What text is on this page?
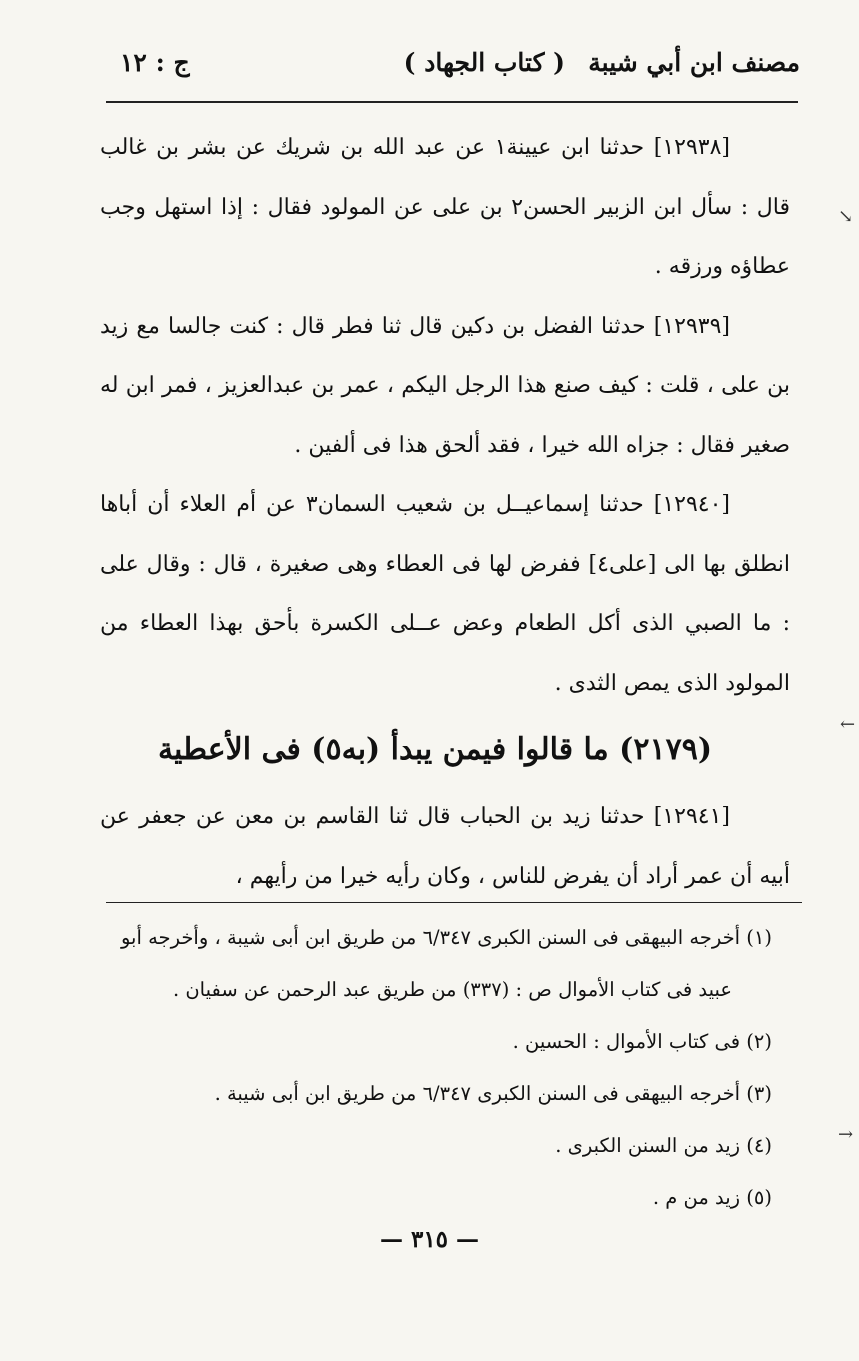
مصنف ابن أبي شيبة
( كتاب الجهاد )
ج : ١٢

[١٢٩٣٨] حدثنا ابن عيينة١ عن عبد الله بن شريك عن بشر بن غالب قال : سأل ابن الزبير الحسن٢ بن على عن المولود فقال : إذا استهل وجب عطاؤه ورزقه .

[١٢٩٣٩] حدثنا الفضل بن دكين قال ثنا فطر قال : كنت جالسا مع زيد بن على ، قلت : كيف صنع هذا الرجل اليكم ، عمر بن عبدالعزيز ، فمر ابن له صغير فقال : جزاه الله خيرا ، فقد ألحق هذا فى ألفين .

[١٢٩٤٠] حدثنا إسماعيــل بن شعيب السمان٣ عن أم العلاء أن أباها انطلق بها الى [على٤] ففرض لها فى العطاء وهى صغيرة ، قال : وقال على : ما الصبي الذى أكل الطعام وعض عــلى الكسرة بأحق بهذا العطاء من المولود الذى يمص الثدى .

(٢١٧٩) ما قالوا فيمن يبدأ (به٥) فى الأعطية

[١٢٩٤١] حدثنا زيد بن الحباب قال ثنا القاسم بن معن عن جعفر عن أبيه أن عمر أراد أن يفرض للناس ، وكان رأيه خيرا من رأيهم ،

(١) أخرجه البيهقى فى السنن الكبرى ٦/٣٤٧ من طريق ابن أبى شيبة ، وأخرجه أبو عبيد فى كتاب الأموال ص : (٣٣٧) من طريق عبد الرحمن عن سفيان .

(٢) فى كتاب الأموال : الحسين .

(٣) أخرجه البيهقى فى السنن الكبرى ٦/٣٤٧ من طريق ابن أبى شيبة .

(٤) زيد من السنن الكبرى .

(٥) زيد من م .

— ٣١٥ —
↘
←
→
